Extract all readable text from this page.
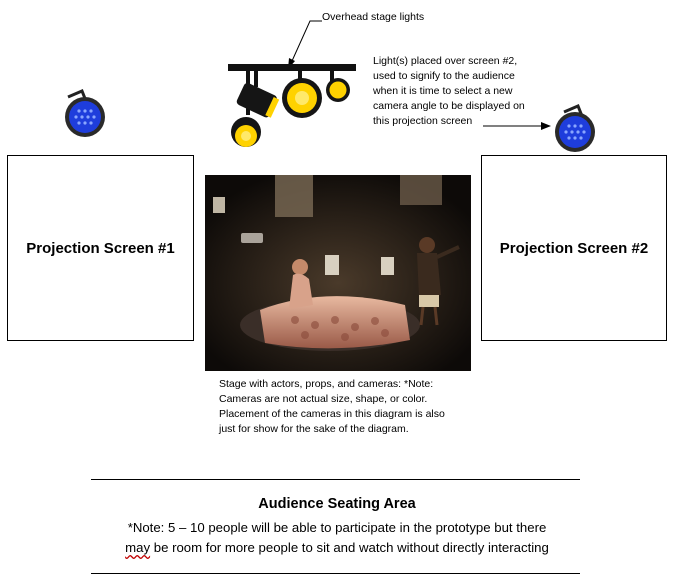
Overhead stage lights
Light(s) placed over screen #2,
used to signify to the audience
when it is time to select a new
camera angle to be displayed on
this projection screen
Projection Screen #1	Projection Screen #2
Stage with actors, props, and cameras: *Note:
Cameras are not actual size, shape, or color.
Placement of the cameras in this diagram is also
just for show for the sake of the diagram.
Audience Seating Area
*Note: 5 – 10 people will be able to participate in the prototype but there
may be room for more people to sit and watch without directly interacting
